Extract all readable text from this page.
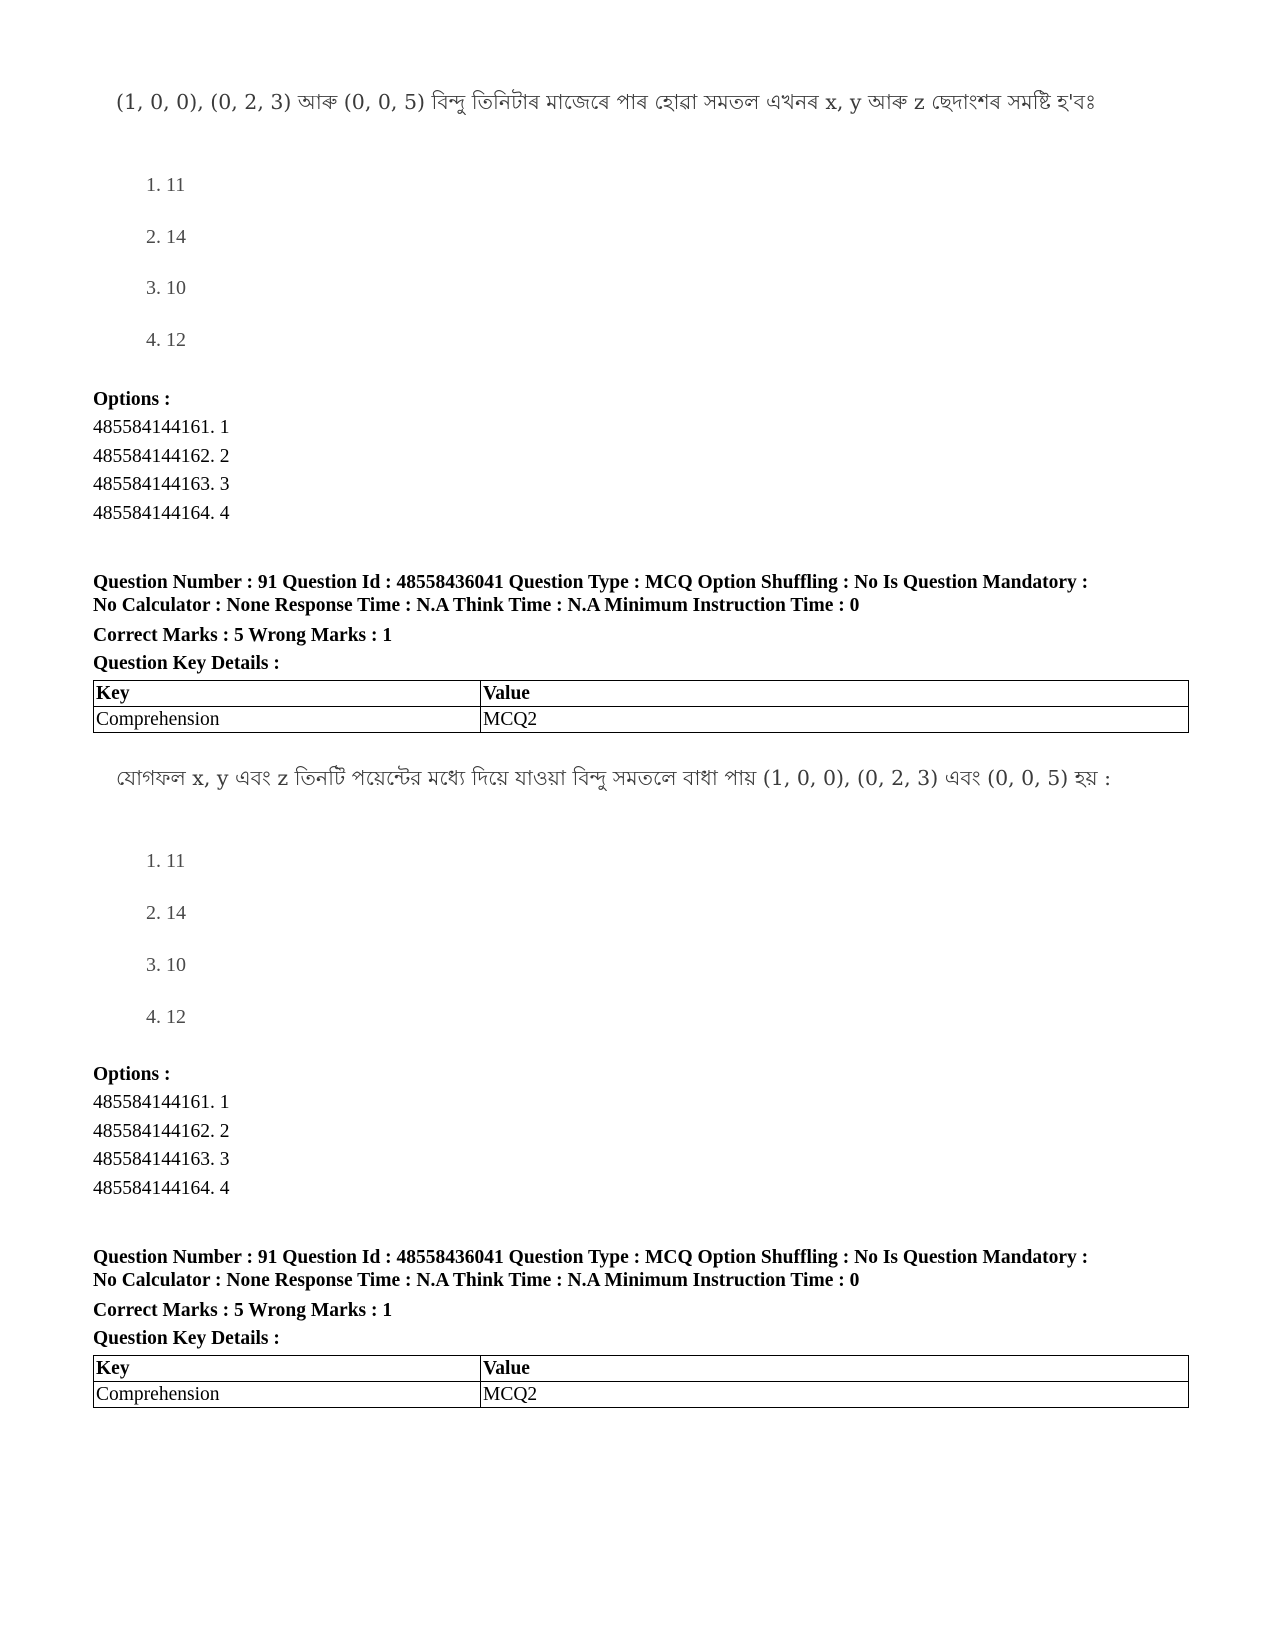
(1, 0, 0), (0, 2, 3) আৰু (0, 0, 5) বিন্দু তিনিটাৰ মাজেৰে পাৰ হোৱা সমতল এখনৰ x, y আৰু z ছেদাংশৰ সমষ্টি হ'বঃ
1. 11
2. 14
3. 10
4. 12
Options :
485584144161. 1
485584144162. 2
485584144163. 3
485584144164. 4
Question Number : 91 Question Id : 48558436041 Question Type : MCQ Option Shuffling : No Is Question Mandatory :
No Calculator : None Response Time : N.A Think Time : N.A Minimum Instruction Time : 0
Correct Marks : 5 Wrong Marks : 1
Question Key Details :
Key	Value
Comprehension	MCQ2
যোগফল x, y এবং z তিনটি পয়েন্টের মধ্যে দিয়ে যাওয়া বিন্দু সমতলে বাধা পায় (1, 0, 0), (0, 2, 3) এবং (0, 0, 5) হয় :
1. 11
2. 14
3. 10
4. 12
Options :
485584144161. 1
485584144162. 2
485584144163. 3
485584144164. 4
Question Number : 91 Question Id : 48558436041 Question Type : MCQ Option Shuffling : No Is Question Mandatory :
No Calculator : None Response Time : N.A Think Time : N.A Minimum Instruction Time : 0
Correct Marks : 5 Wrong Marks : 1
Question Key Details :
Key	Value
Comprehension	MCQ2
